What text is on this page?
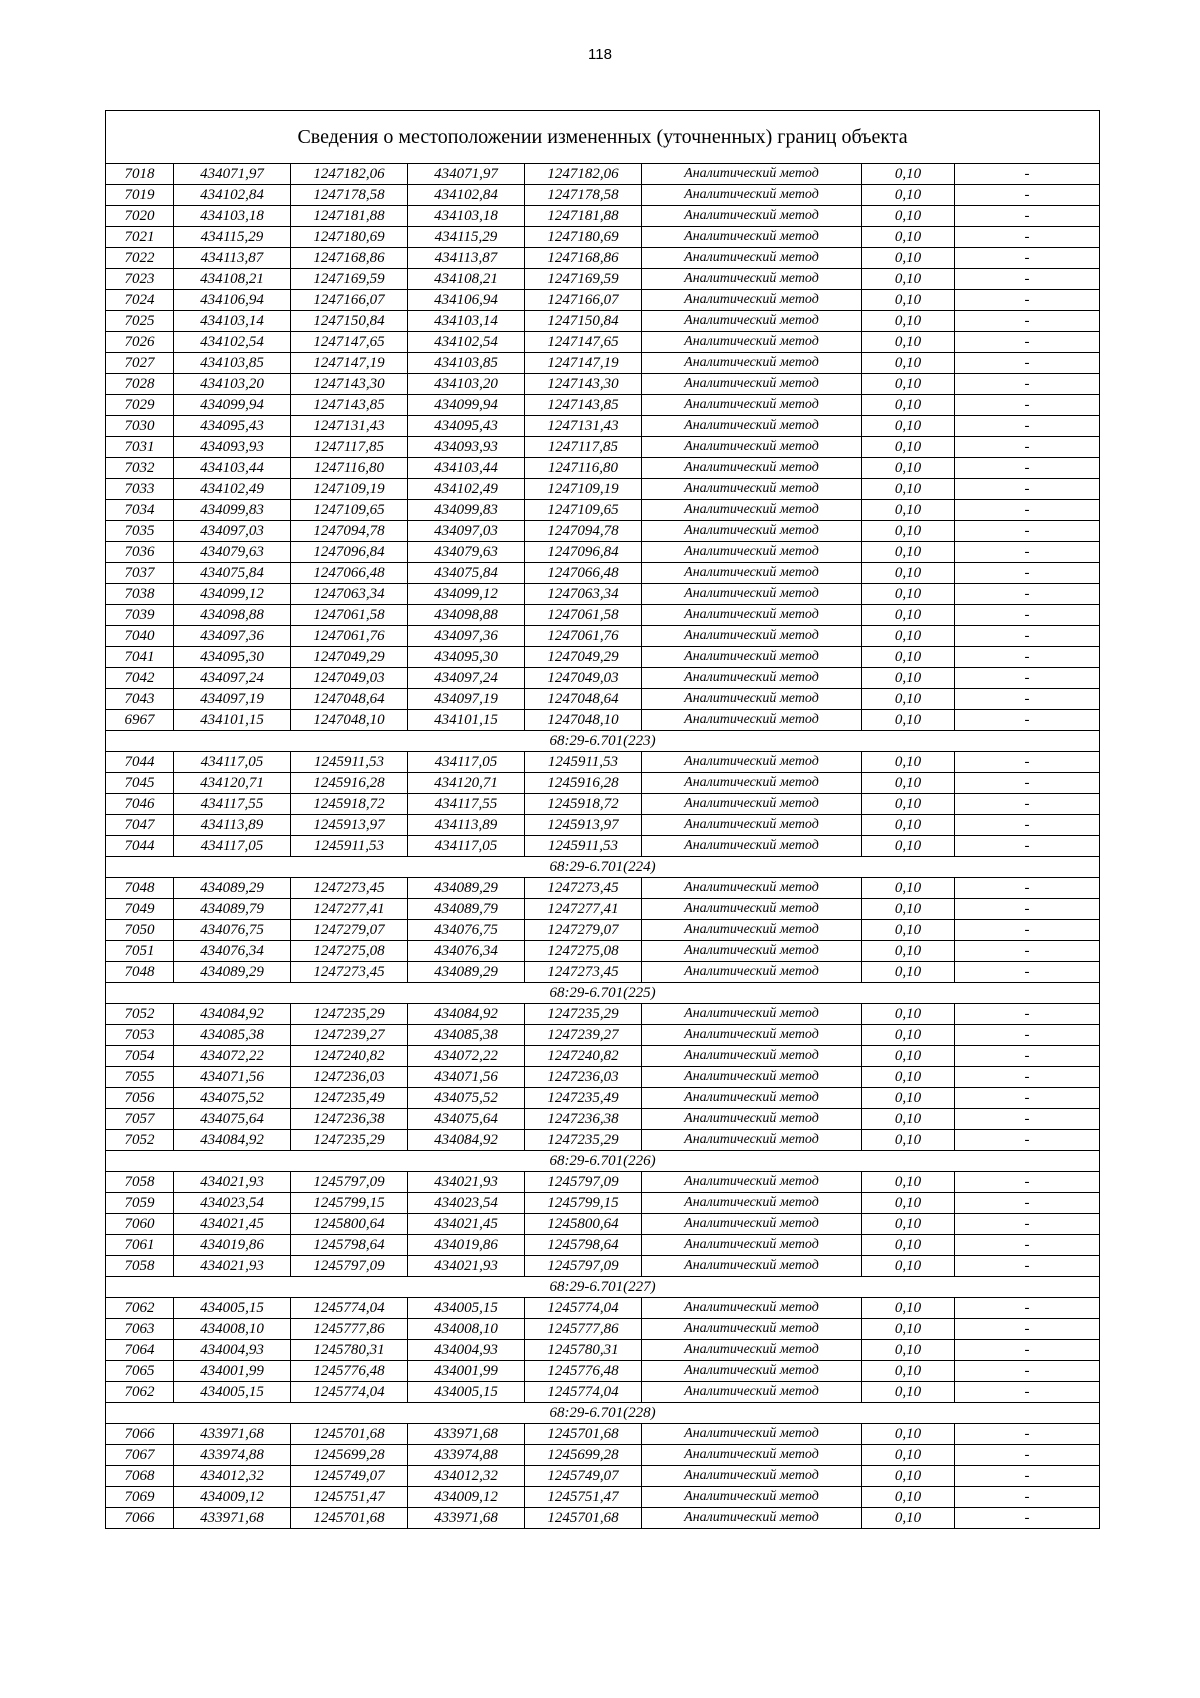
118
Сведения о местоположении измененных (уточненных) границ объекта							
7018	434071,97	1247182,06	434071,97	1247182,06	Аналитический метод	0,10	-
7019	434102,84	1247178,58	434102,84	1247178,58	Аналитический метод	0,10	-
7020	434103,18	1247181,88	434103,18	1247181,88	Аналитический метод	0,10	-
7021	434115,29	1247180,69	434115,29	1247180,69	Аналитический метод	0,10	-
7022	434113,87	1247168,86	434113,87	1247168,86	Аналитический метод	0,10	-
7023	434108,21	1247169,59	434108,21	1247169,59	Аналитический метод	0,10	-
7024	434106,94	1247166,07	434106,94	1247166,07	Аналитический метод	0,10	-
7025	434103,14	1247150,84	434103,14	1247150,84	Аналитический метод	0,10	-
7026	434102,54	1247147,65	434102,54	1247147,65	Аналитический метод	0,10	-
7027	434103,85	1247147,19	434103,85	1247147,19	Аналитический метод	0,10	-
7028	434103,20	1247143,30	434103,20	1247143,30	Аналитический метод	0,10	-
7029	434099,94	1247143,85	434099,94	1247143,85	Аналитический метод	0,10	-
7030	434095,43	1247131,43	434095,43	1247131,43	Аналитический метод	0,10	-
7031	434093,93	1247117,85	434093,93	1247117,85	Аналитический метод	0,10	-
7032	434103,44	1247116,80	434103,44	1247116,80	Аналитический метод	0,10	-
7033	434102,49	1247109,19	434102,49	1247109,19	Аналитический метод	0,10	-
7034	434099,83	1247109,65	434099,83	1247109,65	Аналитический метод	0,10	-
7035	434097,03	1247094,78	434097,03	1247094,78	Аналитический метод	0,10	-
7036	434079,63	1247096,84	434079,63	1247096,84	Аналитический метод	0,10	-
7037	434075,84	1247066,48	434075,84	1247066,48	Аналитический метод	0,10	-
7038	434099,12	1247063,34	434099,12	1247063,34	Аналитический метод	0,10	-
7039	434098,88	1247061,58	434098,88	1247061,58	Аналитический метод	0,10	-
7040	434097,36	1247061,76	434097,36	1247061,76	Аналитический метод	0,10	-
7041	434095,30	1247049,29	434095,30	1247049,29	Аналитический метод	0,10	-
7042	434097,24	1247049,03	434097,24	1247049,03	Аналитический метод	0,10	-
7043	434097,19	1247048,64	434097,19	1247048,64	Аналитический метод	0,10	-
6967	434101,15	1247048,10	434101,15	1247048,10	Аналитический метод	0,10	-
68:29-6.701(223)							
7044	434117,05	1245911,53	434117,05	1245911,53	Аналитический метод	0,10	-
7045	434120,71	1245916,28	434120,71	1245916,28	Аналитический метод	0,10	-
7046	434117,55	1245918,72	434117,55	1245918,72	Аналитический метод	0,10	-
7047	434113,89	1245913,97	434113,89	1245913,97	Аналитический метод	0,10	-
7044	434117,05	1245911,53	434117,05	1245911,53	Аналитический метод	0,10	-
68:29-6.701(224)							
7048	434089,29	1247273,45	434089,29	1247273,45	Аналитический метод	0,10	-
7049	434089,79	1247277,41	434089,79	1247277,41	Аналитический метод	0,10	-
7050	434076,75	1247279,07	434076,75	1247279,07	Аналитический метод	0,10	-
7051	434076,34	1247275,08	434076,34	1247275,08	Аналитический метод	0,10	-
7048	434089,29	1247273,45	434089,29	1247273,45	Аналитический метод	0,10	-
68:29-6.701(225)							
7052	434084,92	1247235,29	434084,92	1247235,29	Аналитический метод	0,10	-
7053	434085,38	1247239,27	434085,38	1247239,27	Аналитический метод	0,10	-
7054	434072,22	1247240,82	434072,22	1247240,82	Аналитический метод	0,10	-
7055	434071,56	1247236,03	434071,56	1247236,03	Аналитический метод	0,10	-
7056	434075,52	1247235,49	434075,52	1247235,49	Аналитический метод	0,10	-
7057	434075,64	1247236,38	434075,64	1247236,38	Аналитический метод	0,10	-
7052	434084,92	1247235,29	434084,92	1247235,29	Аналитический метод	0,10	-
68:29-6.701(226)							
7058	434021,93	1245797,09	434021,93	1245797,09	Аналитический метод	0,10	-
7059	434023,54	1245799,15	434023,54	1245799,15	Аналитический метод	0,10	-
7060	434021,45	1245800,64	434021,45	1245800,64	Аналитический метод	0,10	-
7061	434019,86	1245798,64	434019,86	1245798,64	Аналитический метод	0,10	-
7058	434021,93	1245797,09	434021,93	1245797,09	Аналитический метод	0,10	-
68:29-6.701(227)							
7062	434005,15	1245774,04	434005,15	1245774,04	Аналитический метод	0,10	-
7063	434008,10	1245777,86	434008,10	1245777,86	Аналитический метод	0,10	-
7064	434004,93	1245780,31	434004,93	1245780,31	Аналитический метод	0,10	-
7065	434001,99	1245776,48	434001,99	1245776,48	Аналитический метод	0,10	-
7062	434005,15	1245774,04	434005,15	1245774,04	Аналитический метод	0,10	-
68:29-6.701(228)							
7066	433971,68	1245701,68	433971,68	1245701,68	Аналитический метод	0,10	-
7067	433974,88	1245699,28	433974,88	1245699,28	Аналитический метод	0,10	-
7068	434012,32	1245749,07	434012,32	1245749,07	Аналитический метод	0,10	-
7069	434009,12	1245751,47	434009,12	1245751,47	Аналитический метод	0,10	-
7066	433971,68	1245701,68	433971,68	1245701,68	Аналитический метод	0,10	-
